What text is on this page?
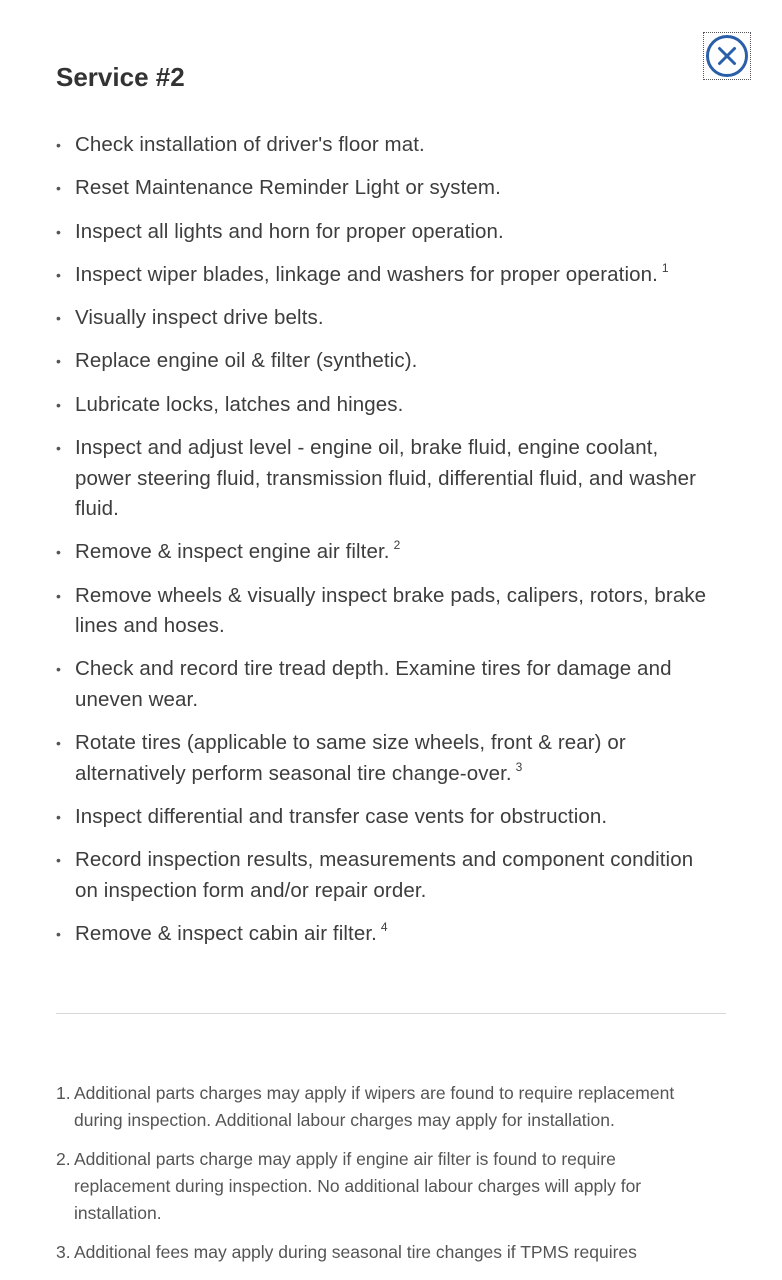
Service #2
• Check installation of driver's floor mat.
• Reset Maintenance Reminder Light or system.
• Inspect all lights and horn for proper operation.
• Inspect wiper blades, linkage and washers for proper operation. $^1$
• Visually inspect drive belts.
• Replace engine oil & filter (synthetic).
• Lubricate locks, latches and hinges.
• Inspect and adjust level - engine oil, brake fluid, engine coolant, power steering fluid, transmission fluid, differential fluid, and washer fluid.
• Remove & inspect engine air filter. $^2$
• Remove wheels & visually inspect brake pads, calipers, rotors, brake lines and hoses.
• Check and record tire tread depth. Examine tires for damage and uneven wear.
• Rotate tires (applicable to same size wheels, front & rear) or alternatively perform seasonal tire change-over. $^3$
• Inspect differential and transfer case vents for obstruction.
• Record inspection results, measurements and component condition on inspection form and/or repair order.
• Remove & inspect cabin air filter. $^4$
1. Additional parts charges may apply if wipers are found to require replacement during inspection. Additional labour charges may apply for installation.
2. Additional parts charge may apply if engine air filter is found to require replacement during inspection. No additional labour charges will apply for installation.
3. Additional fees may apply during seasonal tire changes if TPMS requires
